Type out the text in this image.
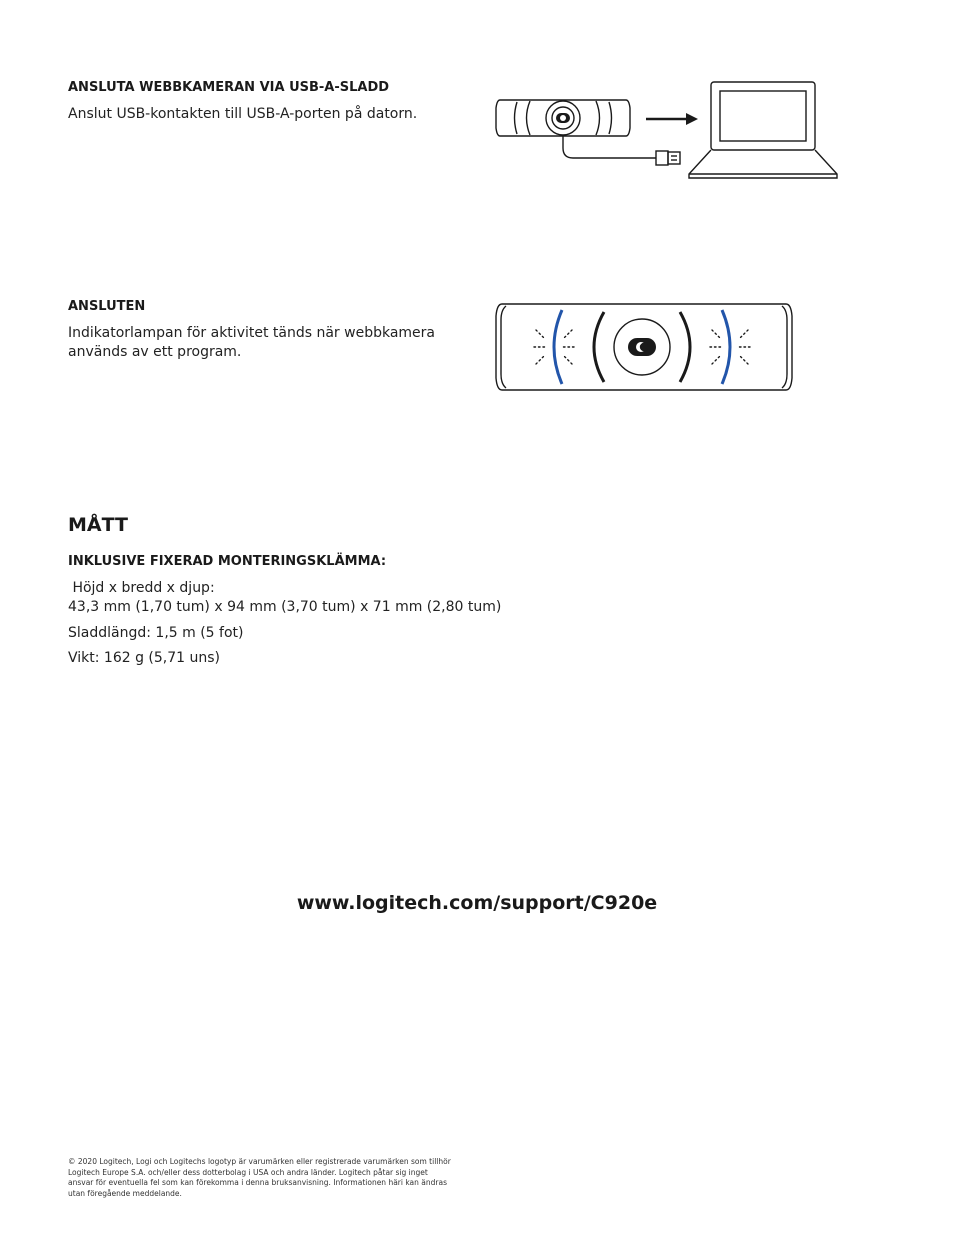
ANSLUTA WEBBKAMERAN VIA USB-A-SLADD
Anslut USB-kontakten till USB-A-porten på datorn.
ANSLUTEN
Indikatorlampan för aktivitet tänds när webbkamera
används av ett program.
MÅTT
INKLUSIVE FIXERAD MONTERINGSKLÄMMA:
Höjd x bredd x djup:
43,3 mm (1,70 tum) x 94 mm (3,70 tum) x 71 mm (2,80 tum)
Sladdlängd: 1,5 m (5 fot)
Vikt: 162 g (5,71 uns)
www.logitech.com/support/C920e
© 2020 Logitech, Logi och Logitechs logotyp är varumärken eller registrerade varumärken som tillhör
Logitech Europe S.A. och/eller dess dotterbolag i USA och andra länder. Logitech påtar sig inget
ansvar för eventuella fel som kan förekomma i denna bruksanvisning. Informationen häri kan ändras
utan föregående meddelande.
